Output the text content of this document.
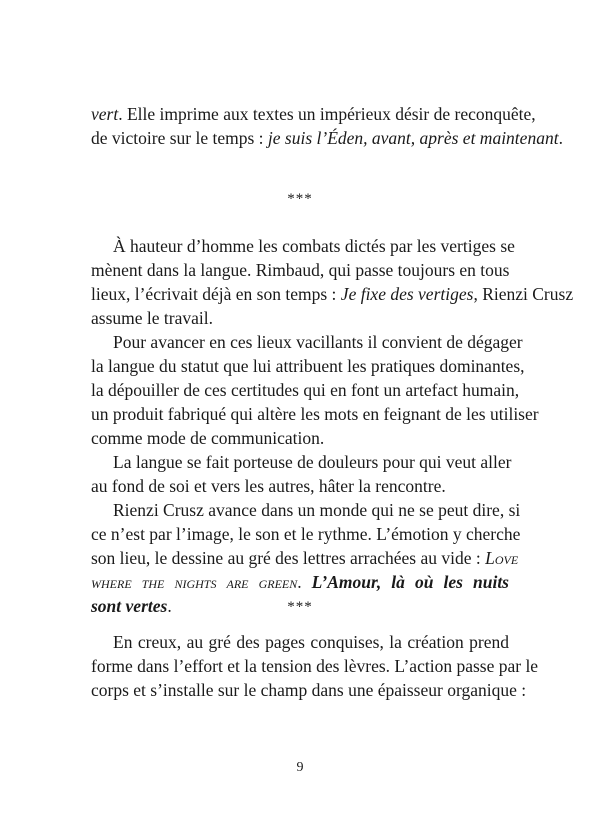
vert. Elle imprime aux textes un impérieux désir de reconquête,
de victoire sur le temps : je suis l’Éden, avant, après et maintenant.
***
À hauteur d’homme les combats dictés par les vertiges se
mènent dans la langue. Rimbaud, qui passe toujours en tous
lieux, l’écrivait déjà en son temps : Je fixe des vertiges, Rienzi Crusz
assume le travail.
Pour avancer en ces lieux vacillants il convient de dégager
la langue du statut que lui attribuent les pratiques dominantes,
la dépouiller de ces certitudes qui en font un artefact humain,
un produit fabriqué qui altère les mots en feignant de les utiliser
comme mode de communication.
La langue se fait porteuse de douleurs pour qui veut aller
au fond de soi et vers les autres, hâter la rencontre.
Rienzi Crusz avance dans un monde qui ne se peut dire, si
ce n’est par l’image, le son et le rythme. L’émotion y cherche
son lieu, le dessine au gré des lettres arrachées au vide : Love
where the nights are green. L’Amour, là où les nuits
sont vertes.	***
En creux, au gré des pages conquises, la création prend
forme dans l’effort et la tension des lèvres. L’action passe par le
corps et s’installe sur le champ dans une épaisseur organique :
9
